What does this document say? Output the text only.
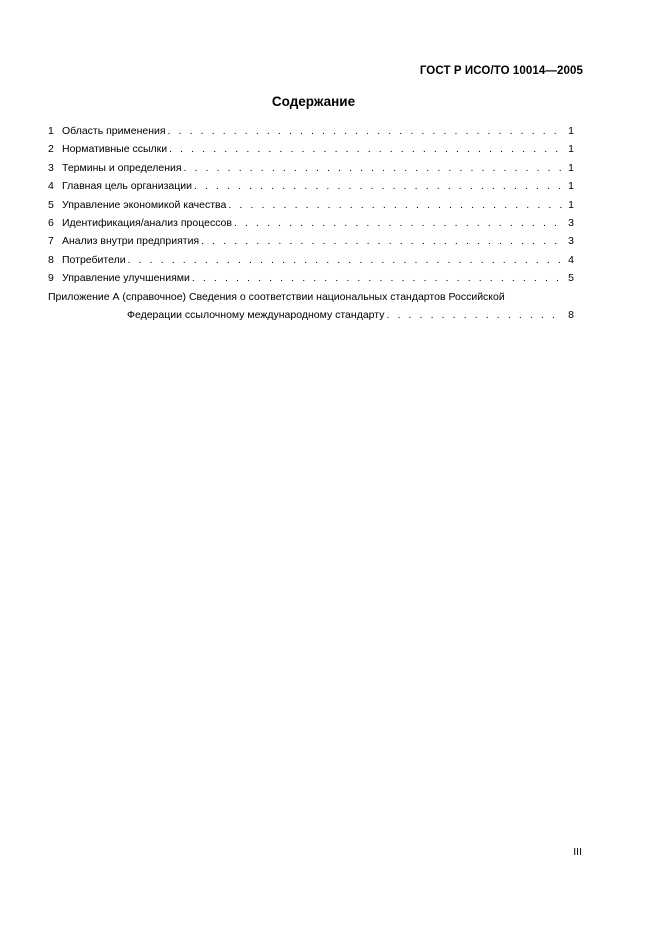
ГОСТ Р ИСО/ТО 10014—2005
Содержание
1 Область применения . . .	1
2 Нормативные ссылки . . .	1
3 Термины и определения . . .	1
4 Главная цель организации . . .	1
5 Управление экономикой качества . . .	1
6 Идентификация/анализ процессов . . .	3
7 Анализ внутри предприятия . . .	3
8 Потребители . . .	4
9 Управление улучшениями . . .	5
Приложение А (справочное) Сведения о соответствии национальных стандартов Российской
Федерации ссылочному международному стандарту . . .	8
III
